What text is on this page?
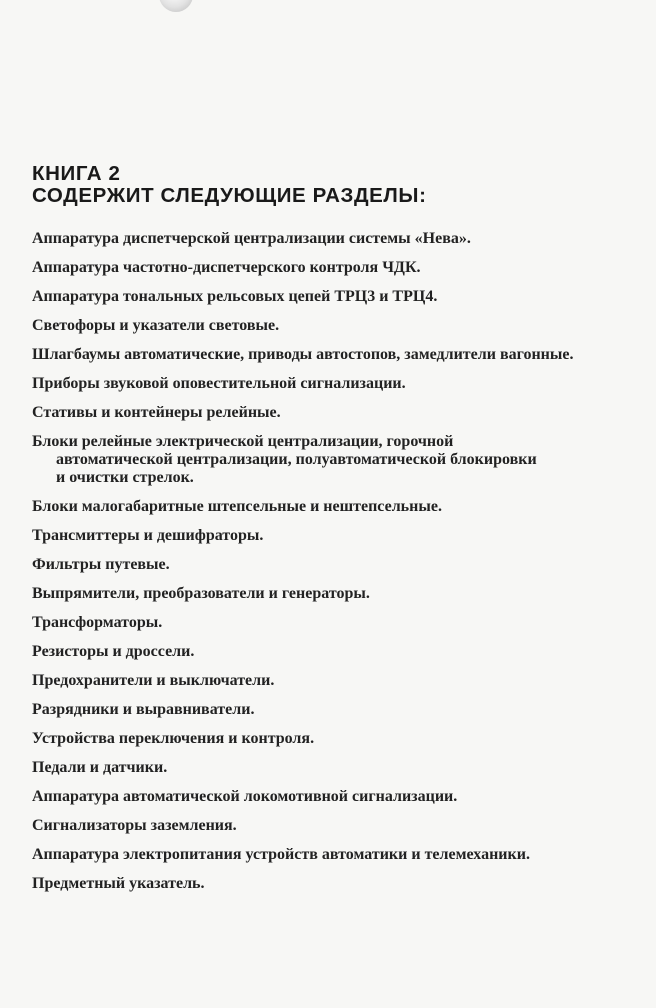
КНИГА 2
СОДЕРЖИТ СЛЕДУЮЩИЕ РАЗДЕЛЫ:
Аппаратура диспетчерской централизации системы «Нева».
Аппаратура частотно-диспетчерского контроля ЧДК.
Аппаратура тональных рельсовых цепей ТРЦ3 и ТРЦ4.
Светофоры и указатели световые.
Шлагбаумы автоматические, приводы автостопов, замедлители вагонные.
Приборы звуковой оповестительной сигнализации.
Стативы и контейнеры релейные.
Блоки релейные электрической централизации, горочной
автоматической централизации, полуавтоматической блокировки
и очистки стрелок.
Блоки малогабаритные штепсельные и нештепсельные.
Трансмиттеры и дешифраторы.
Фильтры путевые.
Выпрямители, преобразователи и генераторы.
Трансформаторы.
Резисторы и дроссели.
Предохранители и выключатели.
Разрядники и выравниватели.
Устройства переключения и контроля.
Педали и датчики.
Аппаратура автоматической локомотивной сигнализации.
Сигнализаторы заземления.
Аппаратура электропитания устройств автоматики и телемеханики.
Предметный указатель.
